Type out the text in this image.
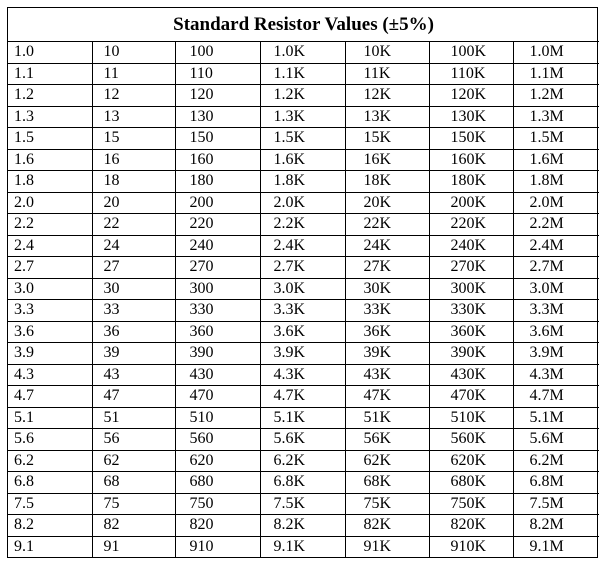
Standard Resistor Values (±5%)						
1.0	10	100	1.0K	10K	100K	1.0M
1.1	11	110	1.1K	11K	110K	1.1M
1.2	12	120	1.2K	12K	120K	1.2M
1.3	13	130	1.3K	13K	130K	1.3M
1.5	15	150	1.5K	15K	150K	1.5M
1.6	16	160	1.6K	16K	160K	1.6M
1.8	18	180	1.8K	18K	180K	1.8M
2.0	20	200	2.0K	20K	200K	2.0M
2.2	22	220	2.2K	22K	220K	2.2M
2.4	24	240	2.4K	24K	240K	2.4M
2.7	27	270	2.7K	27K	270K	2.7M
3.0	30	300	3.0K	30K	300K	3.0M
3.3	33	330	3.3K	33K	330K	3.3M
3.6	36	360	3.6K	36K	360K	3.6M
3.9	39	390	3.9K	39K	390K	3.9M
4.3	43	430	4.3K	43K	430K	4.3M
4.7	47	470	4.7K	47K	470K	4.7M
5.1	51	510	5.1K	51K	510K	5.1M
5.6	56	560	5.6K	56K	560K	5.6M
6.2	62	620	6.2K	62K	620K	6.2M
6.8	68	680	6.8K	68K	680K	6.8M
7.5	75	750	7.5K	75K	750K	7.5M
8.2	82	820	8.2K	82K	820K	8.2M
9.1	91	910	9.1K	91K	910K	9.1M
